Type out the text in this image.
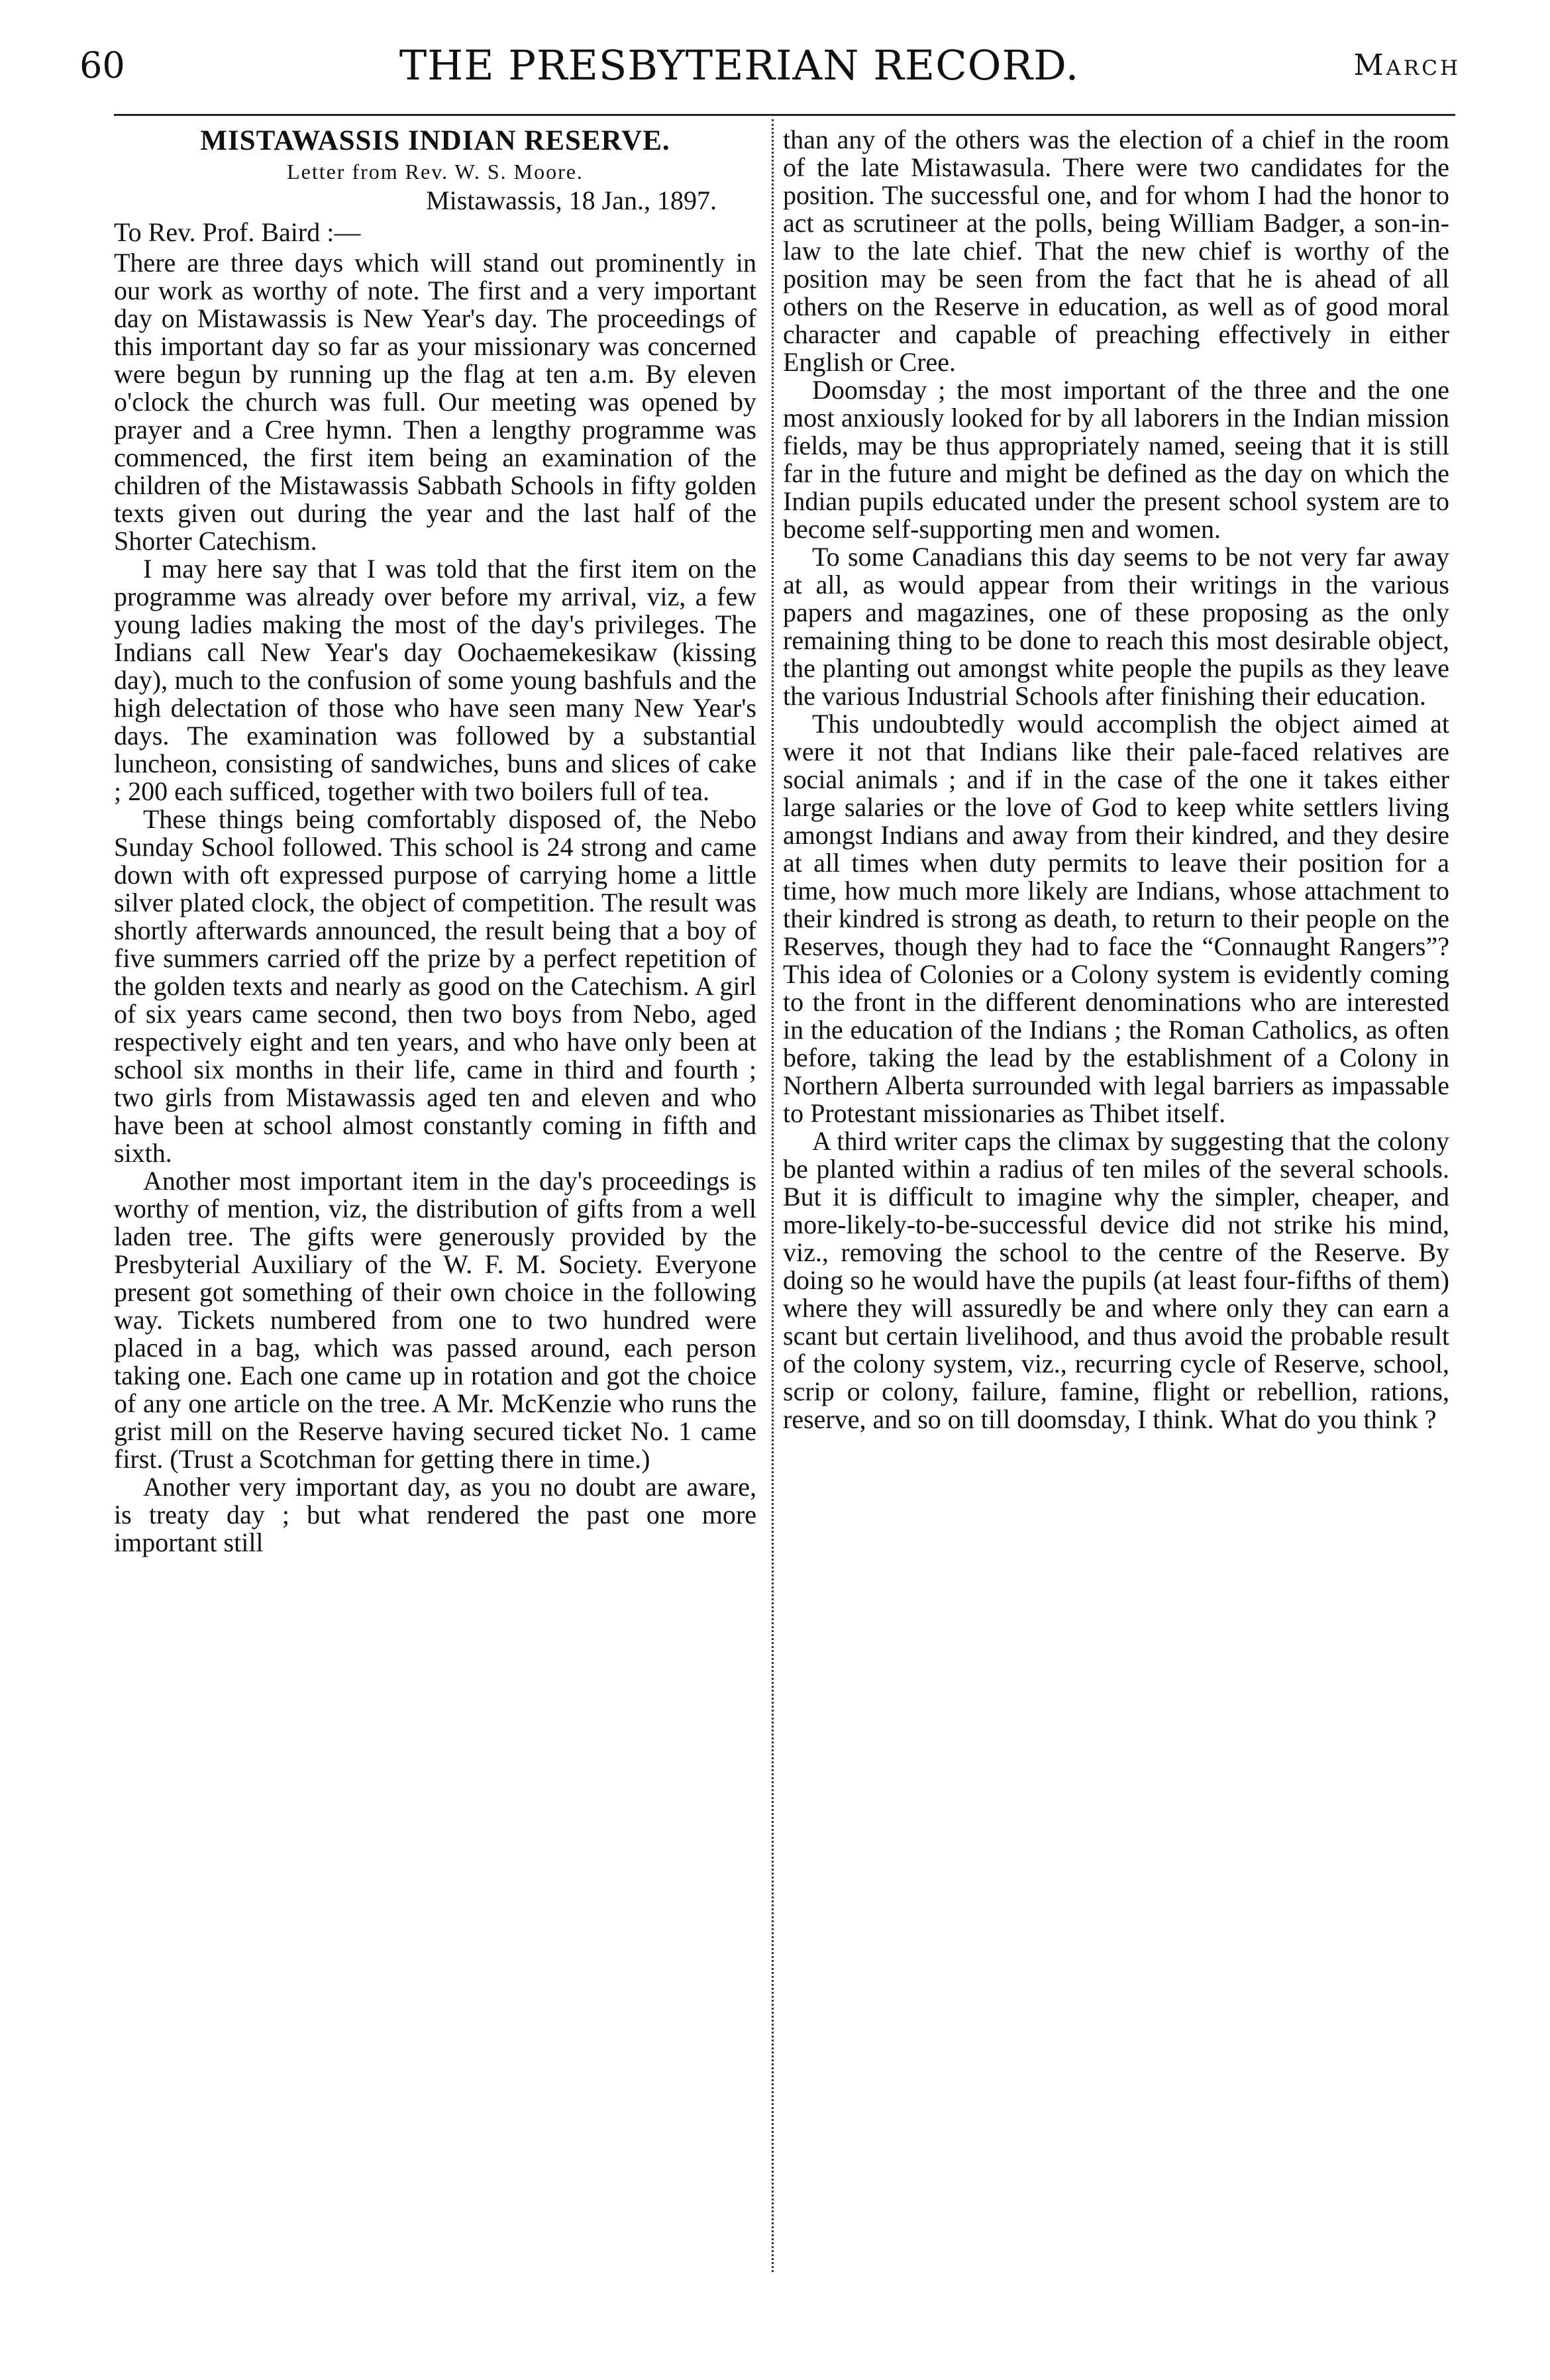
60	THE PRESBYTERIAN RECORD.	March
MISTAWASSIS INDIAN RESERVE.
Letter from Rev. W. S. Moore.
Mistawassis, 18 Jan., 1897.
To Rev. Prof. Baird :—

There are three days which will stand out prominently in our work as worthy of note. The first and a very important day on Mistawassis is New Year's day. The proceedings of this important day so far as your missionary was concerned were begun by running up the flag at ten a.m. By eleven o'clock the church was full. Our meeting was opened by prayer and a Cree hymn. Then a lengthy programme was commenced, the first item being an examination of the children of the Mistawassis Sabbath Schools in fifty golden texts given out during the year and the last half of the Shorter Catechism.

I may here say that I was told that the first item on the programme was already over before my arrival, viz, a few young ladies making the most of the day's privileges. The Indians call New Year's day Oochaemekesikaw (kissing day), much to the confusion of some young bashfuls and the high delectation of those who have seen many New Year's days. The examination was followed by a substantial luncheon, consisting of sandwiches, buns and slices of cake ; 200 each sufficed, together with two boilers full of tea.

These things being comfortably disposed of, the Nebo Sunday School followed. This school is 24 strong and came down with oft expressed purpose of carrying home a little silver plated clock, the object of competition. The result was shortly afterwards announced, the result being that a boy of five summers carried off the prize by a perfect repetition of the golden texts and nearly as good on the Catechism. A girl of six years came second, then two boys from Nebo, aged respectively eight and ten years, and who have only been at school six months in their life, came in third and fourth ; two girls from Mistawassis aged ten and eleven and who have been at school almost constantly coming in fifth and sixth.

Another most important item in the day's proceedings is worthy of mention, viz, the distribution of gifts from a well laden tree. The gifts were generously provided by the Presbyterial Auxiliary of the W. F. M. Society. Everyone present got something of their own choice in the following way. Tickets numbered from one to two hundred were placed in a bag, which was passed around, each person taking one. Each one came up in rotation and got the choice of any one article on the tree. A Mr. McKenzie who runs the grist mill on the Reserve having secured ticket No. 1 came first. (Trust a Scotchman for getting there in time.)

Another very important day, as you no doubt are aware, is treaty day ; but what rendered the past one more important still

than any of the others was the election of a chief in the room of the late Mistawasula. There were two candidates for the position. The successful one, and for whom I had the honor to act as scrutineer at the polls, being William Badger, a son-in-law to the late chief. That the new chief is worthy of the position may be seen from the fact that he is ahead of all others on the Reserve in education, as well as of good moral character and capable of preaching effectively in either English or Cree.

Doomsday ; the most important of the three and the one most anxiously looked for by all laborers in the Indian mission fields, may be thus appropriately named, seeing that it is still far in the future and might be defined as the day on which the Indian pupils educated under the present school system are to become self-supporting men and women.

To some Canadians this day seems to be not very far away at all, as would appear from their writings in the various papers and magazines, one of these proposing as the only remaining thing to be done to reach this most desirable object, the planting out amongst white people the pupils as they leave the various Industrial Schools after finishing their education.

This undoubtedly would accomplish the object aimed at were it not that Indians like their pale-faced relatives are social animals ; and if in the case of the one it takes either large salaries or the love of God to keep white settlers living amongst Indians and away from their kindred, and they desire at all times when duty permits to leave their position for a time, how much more likely are Indians, whose attachment to their kindred is strong as death, to return to their people on the Reserves, though they had to face the “Connaught Rangers”? This idea of Colonies or a Colony system is evidently coming to the front in the different denominations who are interested in the education of the Indians ; the Roman Catholics, as often before, taking the lead by the establishment of a Colony in Northern Alberta surrounded with legal barriers as impassable to Protestant missionaries as Thibet itself.

A third writer caps the climax by suggesting that the colony be planted within a radius of ten miles of the several schools. But it is difficult to imagine why the simpler, cheaper, and more-likely-to-be-successful device did not strike his mind, viz., removing the school to the centre of the Reserve. By doing so he would have the pupils (at least four-fifths of them) where they will assuredly be and where only they can earn a scant but certain livelihood, and thus avoid the probable result of the colony system, viz., recurring cycle of Reserve, school, scrip or colony, failure, famine, flight or rebellion, rations, reserve, and so on till doomsday, I think. What do you think ?
